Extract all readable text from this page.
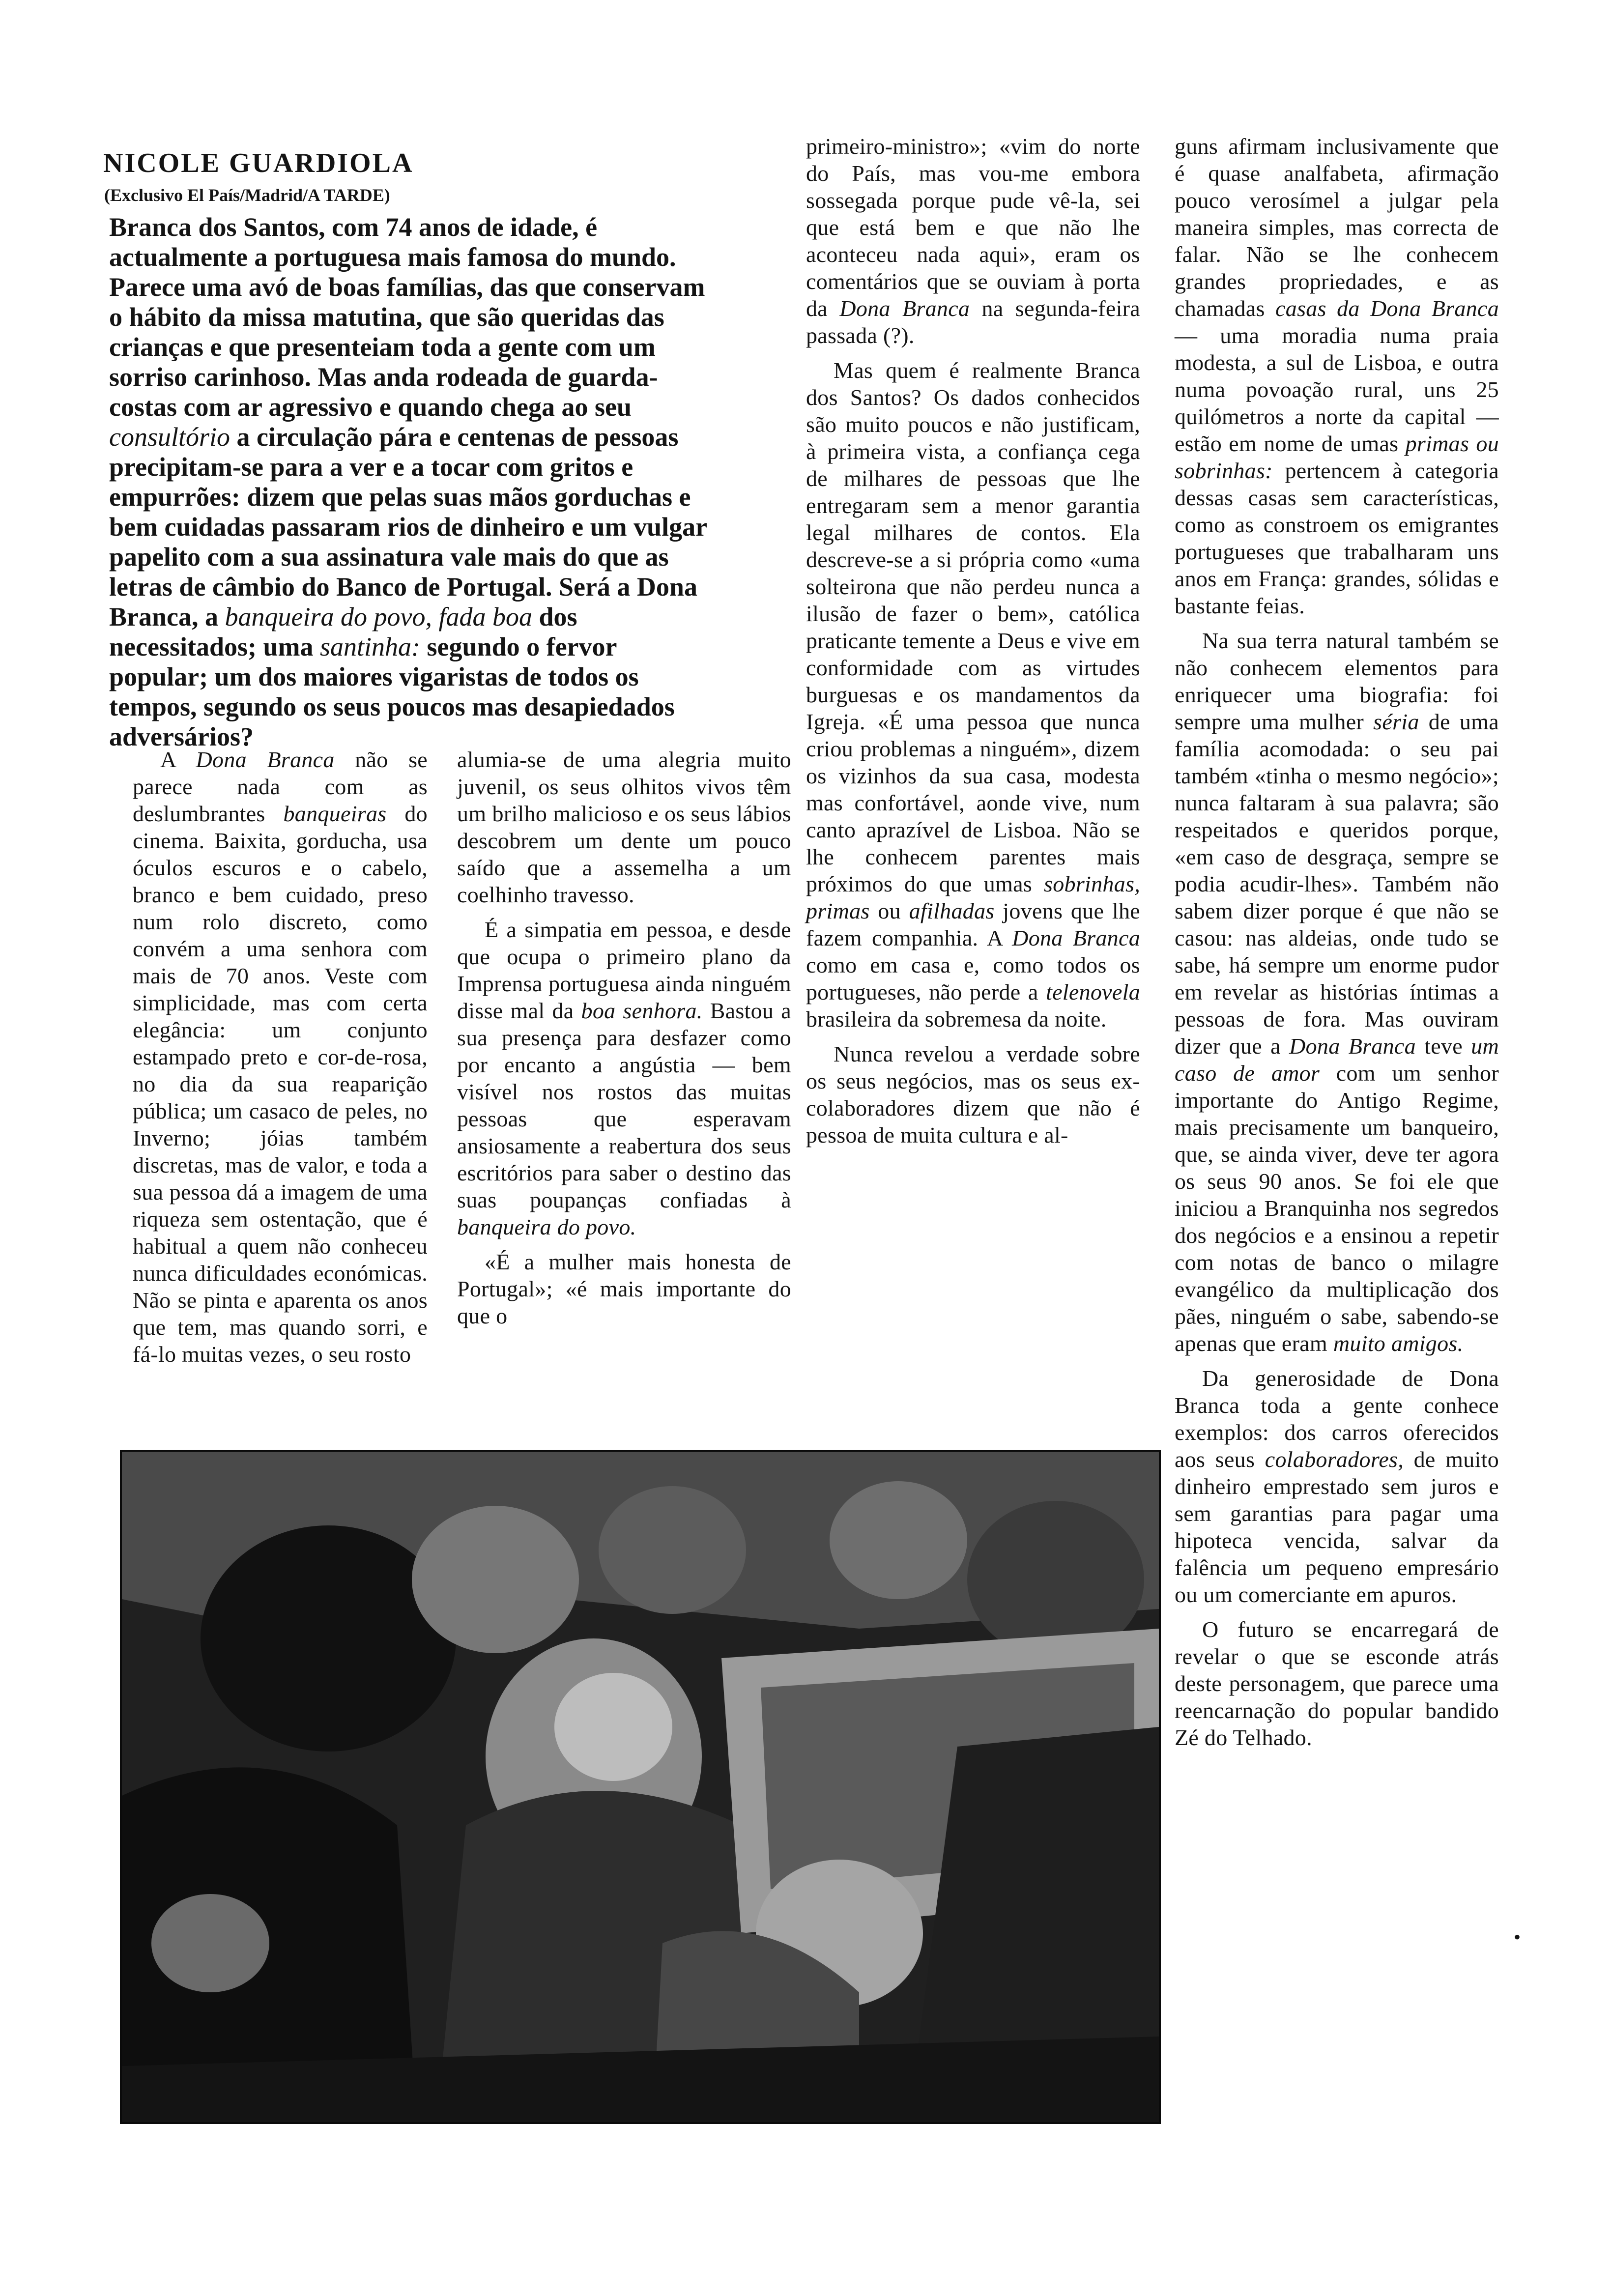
NICOLE GUARDIOLA
(Exclusivo El País/Madrid/A TARDE)
Branca dos Santos, com 74 anos de idade, é actualmente a portuguesa mais famosa do mundo. Parece uma avó de boas famílias, das que conservam o hábito da missa matutina, que são queridas das crianças e que presenteiam toda a gente com um sorriso carinhoso. Mas anda rodeada de guarda-costas com ar agressivo e quando chega ao seu consultório a circulação pára e centenas de pessoas precipitam-se para a ver e a tocar com gritos e empurrões: dizem que pelas suas mãos gorduchas e bem cuidadas passaram rios de dinheiro e um vulgar papelito com a sua assinatura vale mais do que as letras de câmbio do Banco de Portugal. Será a Dona Branca, a banqueira do povo, fada boa dos necessitados; uma santinha: segundo o fervor popular; um dos maiores vigaristas de todos os tempos, segundo os seus poucos mas desapiedados adversários?

A Dona Branca não se parece nada com as deslumbrantes banqueiras do cinema. Baixita, gorducha, usa óculos escuros e o cabelo, branco e bem cuidado, preso num rolo discreto, como convém a uma senhora com mais de 70 anos. Veste com simplicidade, mas com certa elegância: um conjunto estampado preto e cor-de-rosa, no dia da sua reaparição pública; um casaco de peles, no Inverno; jóias também discretas, mas de valor, e toda a sua pessoa dá a imagem de uma riqueza sem ostentação, que é habitual a quem não conheceu nunca dificuldades económicas. Não se pinta e aparenta os anos que tem, mas quando sorri, e fá-lo muitas vezes, o seu rosto

alumia-se de uma alegria muito juvenil, os seus olhitos vivos têm um brilho malicioso e os seus lábios descobrem um dente um pouco saído que a assemelha a um coelhinho travesso.

É a simpatia em pessoa, e desde que ocupa o primeiro plano da Imprensa portuguesa ainda ninguém disse mal da boa senhora. Bastou a sua presença para desfazer como por encanto a angústia — bem visível nos rostos das muitas pessoas que esperavam ansiosamente a reabertura dos seus escritórios para saber o destino das suas poupanças confiadas à banqueira do povo.

«É a mulher mais honesta de Portugal»; «é mais importante do que o

primeiro-ministro»; «vim do norte do País, mas vou-me embora sossegada porque pude vê-la, sei que está bem e que não lhe aconteceu nada aqui», eram os comentários que se ouviam à porta da Dona Branca na segunda-feira passada (?).

Mas quem é realmente Branca dos Santos? Os dados conhecidos são muito poucos e não justificam, à primeira vista, a confiança cega de milhares de pessoas que lhe entregaram sem a menor garantia legal milhares de contos. Ela descreve-se a si própria como «uma solteirona que não perdeu nunca a ilusão de fazer o bem», católica praticante temente a Deus e vive em conformidade com as virtudes burguesas e os mandamentos da Igreja. «É uma pessoa que nunca criou problemas a ninguém», dizem os vizinhos da sua casa, modesta mas confortável, aonde vive, num canto aprazível de Lisboa. Não se lhe conhecem parentes mais próximos do que umas sobrinhas, primas ou afilhadas jovens que lhe fazem companhia. A Dona Branca como em casa e, como todos os portugueses, não perde a telenovela brasileira da sobremesa da noite.

Nunca revelou a verdade sobre os seus negócios, mas os seus ex-colaboradores dizem que não é pessoa de muita cultura e al-

guns afirmam inclusivamente que é quase analfabeta, afirmação pouco verosímel a julgar pela maneira simples, mas correcta de falar. Não se lhe conhecem grandes propriedades, e as chamadas casas da Dona Branca — uma moradia numa praia modesta, a sul de Lisboa, e outra numa povoação rural, uns 25 quilómetros a norte da capital — estão em nome de umas primas ou sobrinhas: pertencem à categoria dessas casas sem características, como as constroem os emigrantes portugueses que trabalharam uns anos em França: grandes, sólidas e bastante feias.

Na sua terra natural também se não conhecem elementos para enriquecer uma biografia: foi sempre uma mulher séria de uma família acomodada: o seu pai também «tinha o mesmo negócio»; nunca faltaram à sua palavra; são respeitados e queridos porque, «em caso de desgraça, sempre se podia acudir-lhes». Também não sabem dizer porque é que não se casou: nas aldeias, onde tudo se sabe, há sempre um enorme pudor em revelar as histórias íntimas a pessoas de fora. Mas ouviram dizer que a Dona Branca teve um caso de amor com um senhor importante do Antigo Regime, mais precisamente um banqueiro, que, se ainda viver, deve ter agora os seus 90 anos. Se foi ele que iniciou a Branquinha nos segredos dos negócios e a ensinou a repetir com notas de banco o milagre evangélico da multiplicação dos pães, ninguém o sabe, sabendo-se apenas que eram muito amigos.

Da generosidade de Dona Branca toda a gente conhece exemplos: dos carros oferecidos aos seus colaboradores, de muito dinheiro emprestado sem juros e sem garantias para pagar uma hipoteca vencida, salvar da falência um pequeno empresário ou um comerciante em apuros.

O futuro se encarregará de revelar o que se esconde atrás deste personagem, que parece uma reencarnação do popular bandido Zé do Telhado.

•
